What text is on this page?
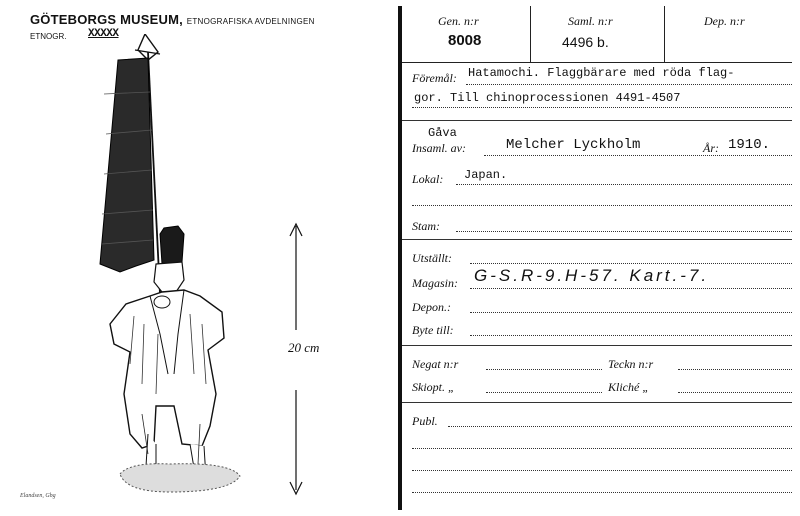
GÖTEBORGS MUSEUM, ETNOGRAFISKA AVDELNINGEN
ETNOGR. XXXXX
Elandsen, Gbg
20 cm
Gen. n:r
8008
Saml. n:r
4496 b.
Dep. n:r
Föremål: Hatamochi. Flaggbärare med röda flag-
gor. Till chinoprocessionen 4491-4507
Gåva
Insaml. av:	Melcher Lyckholm	År: 1910.
Lokal: Japan.
Stam:
Utställt:
Magasin: G-S.R-9.H-57. Kart.-7.
Depon.:
Byte till:
Negat n:r	Teckn n:r
Skiopt. „	Kliché „
Publ.
